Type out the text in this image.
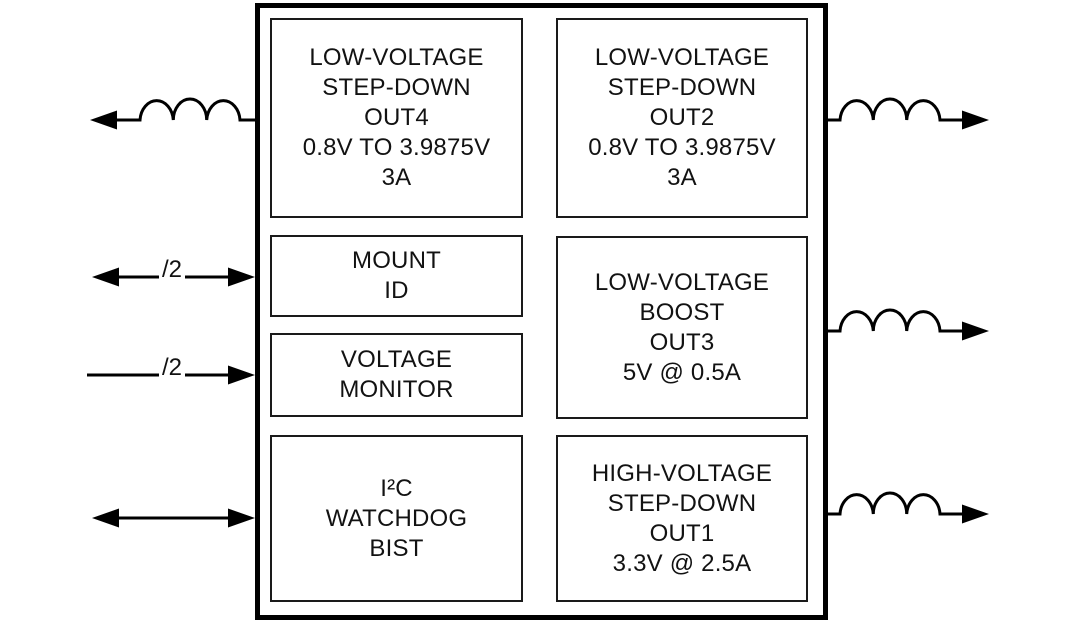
LOW-VOLTAGE
STEP-DOWN
OUT4
0.8V TO 3.9875V
3A
LOW-VOLTAGE
STEP-DOWN
OUT2
0.8V TO 3.9875V
3A
MOUNT
ID
VOLTAGE
MONITOR
LOW-VOLTAGE
BOOST
OUT3
5V @ 0.5A
I²C
WATCHDOG
BIST
HIGH-VOLTAGE
STEP-DOWN
OUT1
3.3V @ 2.5A
/2
/2
